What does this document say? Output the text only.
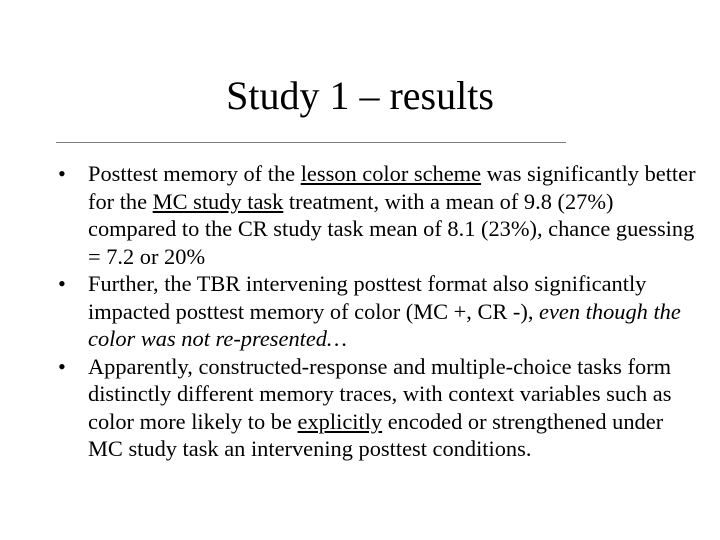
Study 1 – results
• Posttest memory of the lesson color scheme was significantly better for the MC study task treatment, with a mean of 9.8 (27%) compared to the CR study task mean of 8.1 (23%), chance guessing = 7.2 or 20%
• Further, the TBR intervening posttest format also significantly impacted posttest memory of color (MC +, CR -), even though the color was not re-presented…
• Apparently, constructed-response and multiple-choice tasks form distinctly different memory traces, with context variables such as color more likely to be explicitly encoded or strengthened under MC study task an intervening posttest conditions.
